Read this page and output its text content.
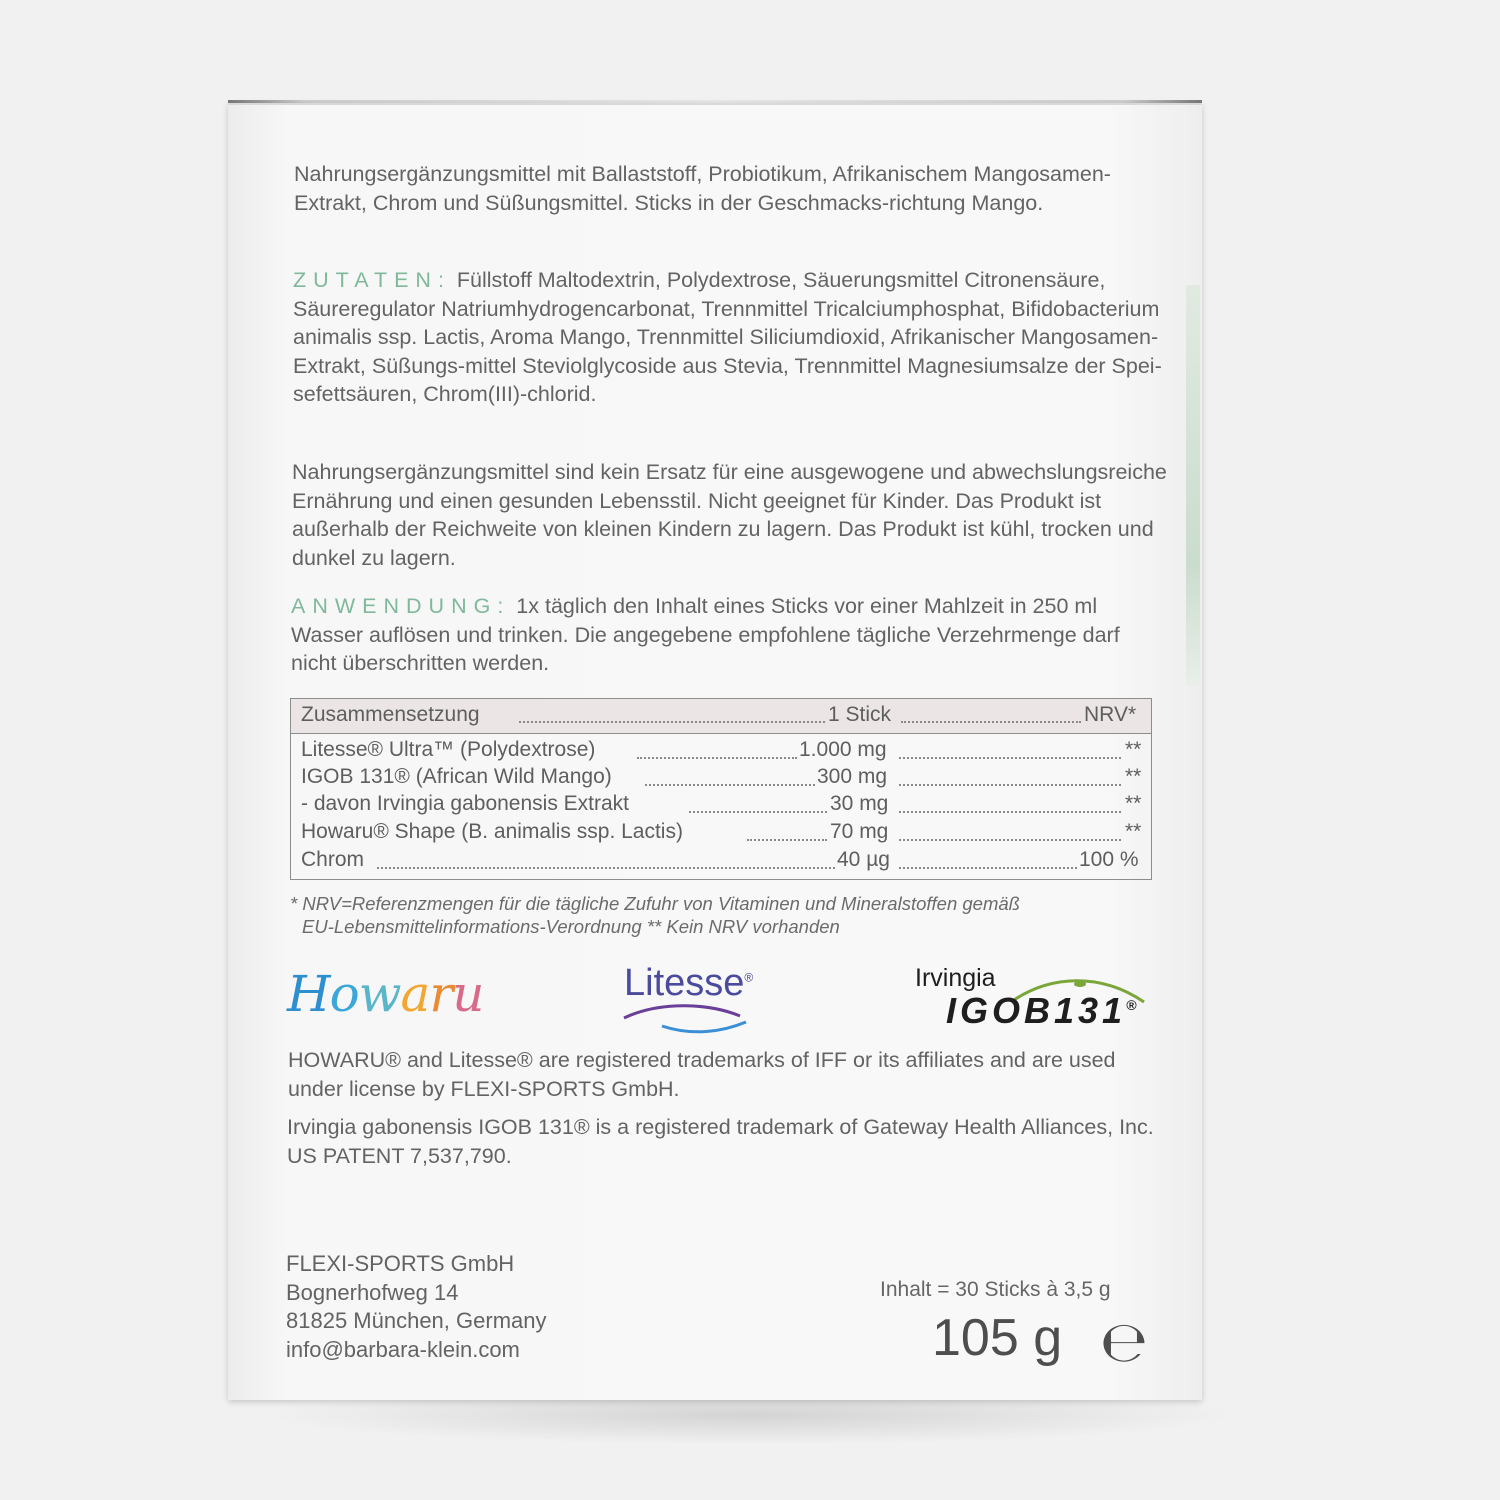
Nahrungsergänzungsmittel mit Ballaststoff, Probiotikum, Afrikanischem Mangosamen-Extrakt, Chrom und Süßungsmittel. Sticks in der Geschmacks-richtung Mango.

ZUTATEN: Füllstoff Maltodextrin, Polydextrose, Säuerungsmittel Citronensäure, Säureregulator Natriumhydrogencarbonat, Trennmittel Tricalciumphosphat, Bifidobacterium animalis ssp. Lactis, Aroma Mango, Trennmittel Siliciumdioxid, Afrikanischer Mangosamen-Extrakt, Süßungs-mittel Steviolglycoside aus Stevia, Trennmittel Magnesiumsalze der Spei-sefettsäuren, Chrom(III)-chlorid.

Nahrungsergänzungsmittel sind kein Ersatz für eine ausgewogene und abwechslungsreiche Ernährung und einen gesunden Lebensstil. Nicht geeignet für Kinder. Das Produkt ist außerhalb der Reichweite von kleinen Kindern zu lagern. Das Produkt ist kühl, trocken und dunkel zu lagern.

ANWENDUNG: 1x täglich den Inhalt eines Sticks vor einer Mahlzeit in 250 ml Wasser auflösen und trinken. Die angegebene empfohlene tägliche Verzehrmenge darf nicht überschritten werden.

Zusammensetzung	1 Stick	NRV*
Litesse® Ultra™ (Polydextrose)	1.000 mg	**
IGOB 131® (African Wild Mango)	300 mg	**
- davon Irvingia gabonensis Extrakt	30 mg	**
Howaru® Shape (B. animalis ssp. Lactis)	70 mg	**
Chrom	40 µg	100 %
* NRV=Referenzmengen für die tägliche Zufuhr von Vitaminen und Mineralstoffen gemäß
EU-Lebensmittelinformations-Verordnung ** Kein NRV vorhanden
Howaru	Litesse®	Irvingia
IGOB131®

HOWARU® and Litesse® are registered trademarks of IFF or its affiliates and are used under license by FLEXI-SPORTS GmbH.

Irvingia gabonensis IGOB 131® is a registered trademark of Gateway Health Alliances, Inc. US PATENT 7,537,790.

FLEXI-SPORTS GmbH
Bognerhofweg 14
81825 München, Germany
info@barbara-klein.com
Inhalt = 30 Sticks à 3,5 g
105 g ℮
